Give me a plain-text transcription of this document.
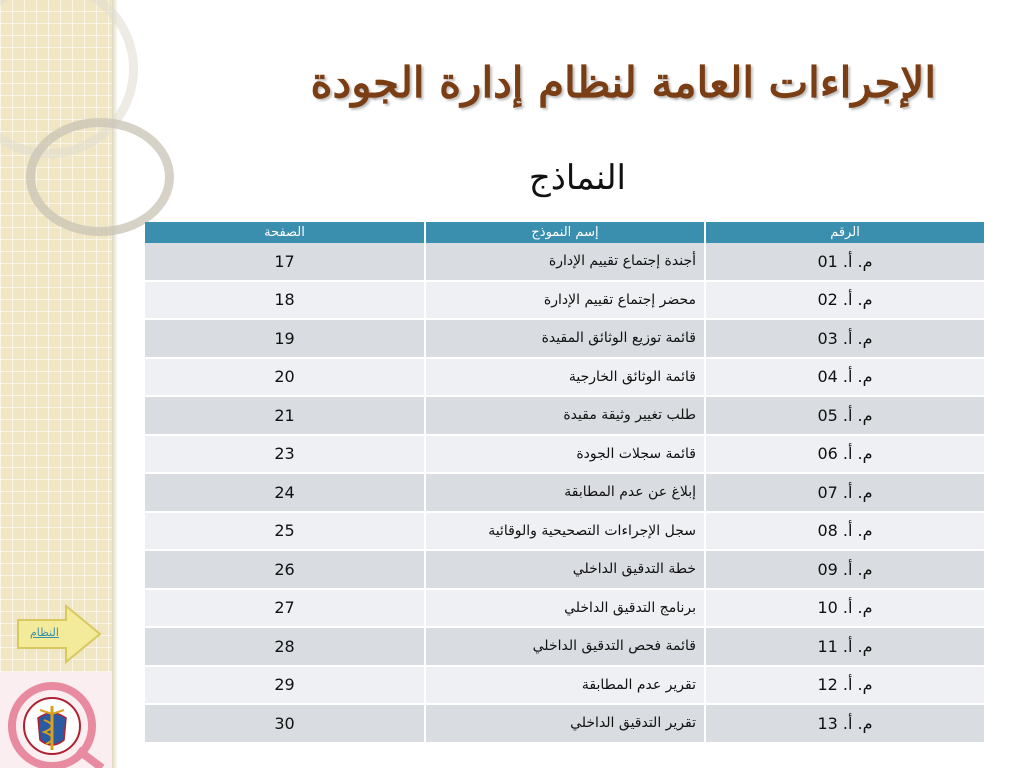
الإجراءات العامة لنظام إدارة الجودة
النماذج
الرقم	إسم النموذج	الصفحة
م. أ. 01	أجندة إجتماع تقييم الإدارة	17
م. أ. 02	محضر إجتماع تقييم الإدارة	18
م. أ. 03	قائمة توزيع الوثائق المقيدة	19
م. أ. 04	قائمة الوثائق الخارجية	20
م. أ. 05	طلب تغيير وثيقة مقيدة	21
م. أ. 06	قائمة سجلات الجودة	23
م. أ. 07	إبلاغ عن عدم المطابقة	24
م. أ. 08	سجل الإجراءات التصحيحية والوقائية	25
م. أ. 09	خطة التدقيق الداخلي	26
م. أ. 10	برنامج التدقيق الداخلي	27
م. أ. 11	قائمة فحص التدقيق الداخلي	28
م. أ. 12	تقرير عدم المطابقة	29
م. أ. 13	تقرير التدقيق الداخلي	30
النظام
